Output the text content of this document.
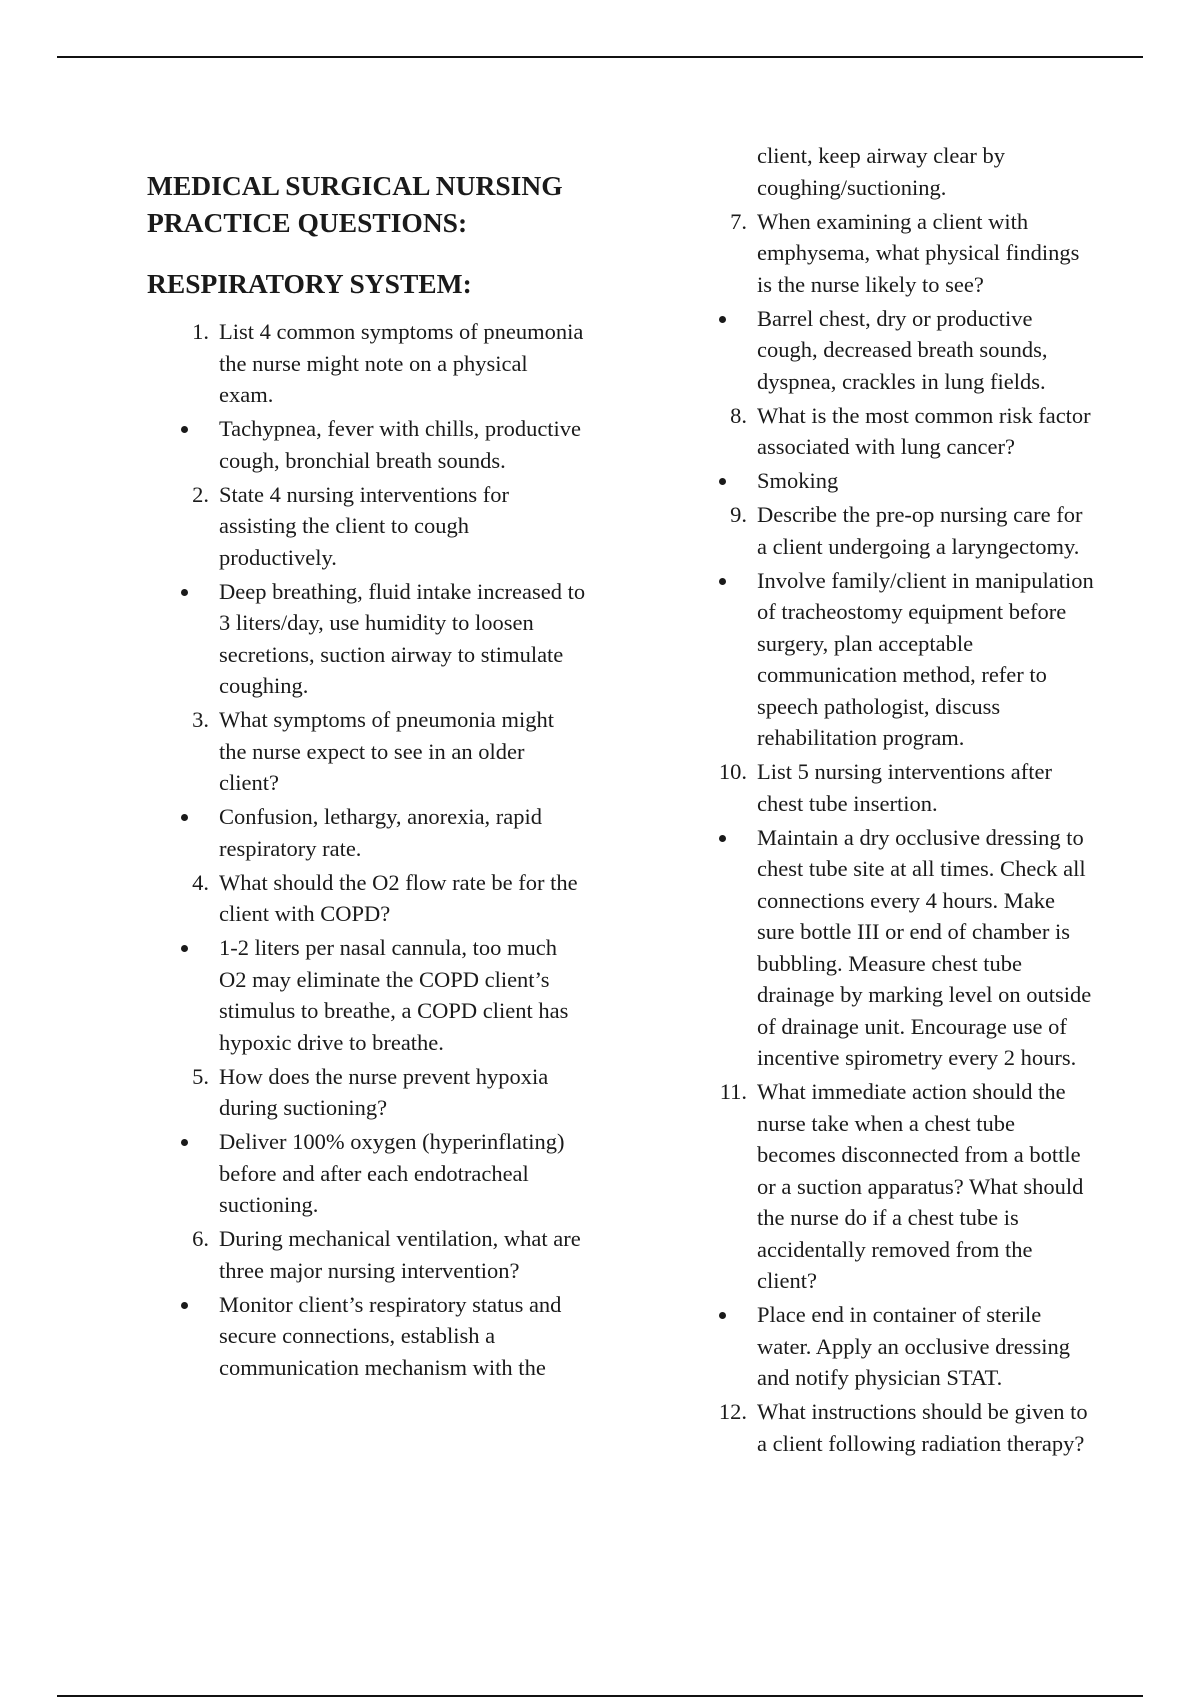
MEDICAL SURGICAL NURSING
PRACTICE QUESTIONS:
RESPIRATORY SYSTEM:
1. List 4 common symptoms of pneumonia the nurse might note on a physical exam.
Tachypnea, fever with chills, productive cough, bronchial breath sounds.
2. State 4 nursing interventions for assisting the client to cough productively.
Deep breathing, fluid intake increased to 3 liters/day, use humidity to loosen secretions, suction airway to stimulate coughing.
3. What symptoms of pneumonia might the nurse expect to see in an older client?
Confusion, lethargy, anorexia, rapid respiratory rate.
4. What should the O2 flow rate be for the client with COPD?
1-2 liters per nasal cannula, too much O2 may eliminate the COPD client’s stimulus to breathe, a COPD client has hypoxic drive to breathe.
5. How does the nurse prevent hypoxia during suctioning?
Deliver 100% oxygen (hyperinflating) before and after each endotracheal suctioning.
6. During mechanical ventilation, what are three major nursing intervention?
Monitor client’s respiratory status and secure connections, establish a communication mechanism with the

client, keep airway clear by coughing/suctioning.

7. When examining a client with emphysema, what physical findings is the nurse likely to see?
Barrel chest, dry or productive cough, decreased breath sounds, dyspnea, crackles in lung fields.
8. What is the most common risk factor associated with lung cancer?
Smoking
9. Describe the pre-op nursing care for a client undergoing a laryngectomy.
Involve family/client in manipulation of tracheostomy equipment before surgery, plan acceptable communication method, refer to speech pathologist, discuss rehabilitation program.
10. List 5 nursing interventions after chest tube insertion.
Maintain a dry occlusive dressing to chest tube site at all times. Check all connections every 4 hours. Make sure bottle III or end of chamber is bubbling. Measure chest tube drainage by marking level on outside of drainage unit. Encourage use of incentive spirometry every 2 hours.
11. What immediate action should the nurse take when a chest tube becomes disconnected from a bottle or a suction apparatus? What should the nurse do if a chest tube is accidentally removed from the client?
Place end in container of sterile water. Apply an occlusive dressing and notify physician STAT.
12. What instructions should be given to a client following radiation therapy?
